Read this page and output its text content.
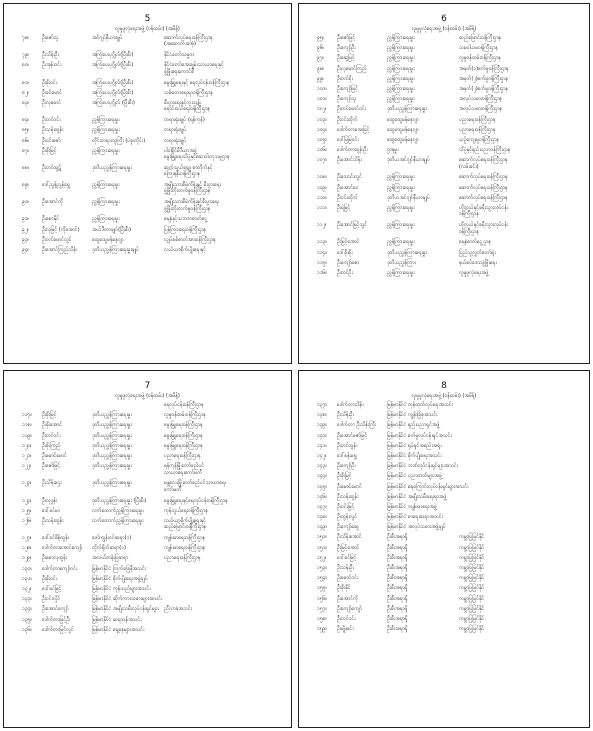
5
လူမှုဖူလုံရေးအဖွဲ့ (ဝန်ထမ်း) (အမိန့်)
၇၈။	ဦးဇော်သူ	အင်ဂျင်နီယာချုပ်	ဆောက်လုပ်ရေးဝန်ကြီးဌာန
(အဆောက်အအုံ)
၇၉။	ဦးသိန်းဦး	အကြံပေးပုဂ္ဂိုလ်(ပြီးစီး)	နိုင်ငံတော်သမ္မတ
၈၀။	ဦးအုန်းဝင်း	အကြံပေးပုဂ္ဂိုလ်(ပြီးစီး)	နိုင်ငံတော်အေးချမ်းသာယာရေးနှင့်
ဖွံ့ဖြိုးရေးကောင်စီ
၈၁။	ဦးစိုးဝင်း	အကြံပေးပုဂ္ဂိုလ်(ပြီးစီး)	မွေးမြူရေးနှင့် ရေလုပ်ငန်းဝန်ကြီးဌာန
၈၂။	ဦးခင်မောင်	အကြံပေးပုဂ္ဂိုလ်(ပြီးစီး)	သစ်တောရေးရာဝန်ကြီးဌာန
၈၃။	ဦးလှမောင်	အကြံပေးပုဂ္ဂိုလ် (ပြီးစီး)	စီးပွားရေးနှင့်ကူးသန်း
ရောင်းဝယ်ရေးဝန်ကြီးဌာန
၈၄။	ဦးတင်ဝင်း	ညွှန်ကြားရေးမှူး	တရားရုံးချုပ် (ရန်ကုန်)
၈၅။	ဦးသန်းထွန်း	ညွှန်ကြားရေးမှူး	တရားရုံးချုပ်
၈၆။	ဦးဝင်းဇော်	တိုင်းတရားသူကြီး (ပဲခူးတိုင်း)	တရားရုံးချုပ်
၈၇။	ဦးစိုးမြင့်	ညွှန်ကြားရေးမှူး	ပါဝါစိုင်မီဒီယာအဖွဲ့
မွေးမြူရေးသိပ္ပံနှင့်ဆေးဝါးကုသမှုဌာန
၈၈။	ဦးတင်ထွဋ်	ဒုတိယညွှန်ကြားရေးမှူး	ဆက်သွယ်ရေး၊ စာတိုက်နှင့်
ကြေးနန်းဝန်ကြီးဌာန
၈၉။	ဒေါ်ညွန့်ညွန့်ရွှေ	ညွှန်ကြားရေးမှူး	အမျိုးသားစီမံကိန်းနှင့် စီးပွားရေး
ဖွံ့ဖြိုးတိုးတက်မှုဝန်ကြီးဌာန
၉၀။	ဦးအောင်ကို	ညွှန်ကြားရေးမှူး	အမျိုးသားစီမံကိန်းနှင့်စီးပွားရေး
ဖွံ့ဖြိုးတိုးတက်မှုဝန်ကြီးဌာန
၉၁။	ဦးစောနိုင်	ညွှန်ကြားရေးမှူး	ရေနံနှင့်သဘာဝဓာတ်ငွေ့
၉၂။	ဦးလှမြင့် (ကိုအောင်)	အယ်ဒီတာချုပ်(ပြီးစီး)	ပြန်ကြားရေးဝန်ကြီးဌာန
၉၃။	ဦးတင်မောင်လွင်	ထွေထွေမန်နေဂျာ	လျှပ်စစ်ဓာတ်အားဝန်ကြီးဌာန
၉၄။	ဦးအောင်ကြည်သိန်း	ဒုတိယညွှန်ကြားရေးမှူးချုပ်	လယ်ယာစိုက်ပျိုးရေးနှင့်
6
လူမှုဖူလုံရေးအဖွဲ့ (ဝန်ထမ်း) (အမိန့်)
၉၅။	ဦးဇော်မြင့်	ညွှန်ကြားရေးမှူး	ဆည်မြောင်းဝန်ကြီးဌာန
၉၆။	ဦးကျော်ဦး	ညွှန်ကြားရေးမှူး	သမဝါယမဝန်ကြီးဌာန
၉၇။	ဦးဆွေမြင့်	ညွှန်ကြားရေးမှူး	လူမှုဝန်ထမ်းဝန်ကြီးဌာန
၉၈။	ဦးလှမောင်ကြည်	ညွှန်ကြားရေးမှူး	အမှတ်(၁)စက်မှုဝန်ကြီးဌာန
၉၉။	ဦးတင်စိုး	ညွှန်ကြားရေးမှူး	အမှတ်(၂)စက်မှုဝန်ကြီးဌာန
၁၀၀။	ဦးကျော်မြင့်	ညွှန်ကြားရေးမှူး	အမှတ်(၂)စက်မှုဝန်ကြီးဌာန
၁၀၁။	ဦးကျော်သူ	ညွှန်ကြားရေးမှူး	အလုပ်သမားဝန်ကြီးဌာန
၁၀၂။	ဦးတင်မောင်ဝင်း	ဒုတိယညွှန်ကြားရေးမှူး	အလုပ်သမားဝန်ကြီးဌာန
၁၀၃။	ဦးဝင်းထိုက်	ထွေထွေမန်နေဂျာ	ပညာရေးဝန်ကြီးဌာန
၁၀၄။	ဒေါက်တာအေးမြင့်	ထွေထွေမန်နေဂျာ	ပညာရေးဝန်ကြီးဌာန
၁၀၅။	ဒေါ်မြမြဝင်း	ထွေထွေမန်နေဂျာ	ယဉ်ကျေးမှုဝန်ကြီးဌာန
၁၀၆။	ဒေါက်တာထွန်းဦး	ဌာနမှူး	သိပ္ပံနှင့်နည်းပညာဝန်ကြီးဌာန
၁၀၇။	ဦးအောင်သိန်း	ဒုတိယအင်ဂျင်နီယာချုပ်	ဆောက်လုပ်ရေးဝန်ကြီးဌာန
(လမ်းခင်း)
၁၀၈။	ဦးသောင်းလွင်	ညွှန်ကြားရေးမှူး	ဆောက်လုပ်ရေးဝန်ကြီးဌာန
၁၀၉။	ဦးအောင်ဝေ	ညွှန်ကြားရေးမှူး	ဆောက်လုပ်ရေးဝန်ကြီးဌာန
၁၁၀။	ဦးဝင်းထိုက်	ဒုတိယအင်ဂျင်နီယာချုပ်	ဆောက်လုပ်ရေးဝန်ကြီးဌာန
၁၁၁။	ဦးရဲမြင့်	ညွှန်ကြားရေးမှူး	ဟိုတယ်နှင့်ခရီးသွားလုပ်ငန်း
ဝန်ကြီးဌာန
၁၁၂။	ဦးအောင်မြင့်သွင်	ညွှန်ကြားရေးမှူး	ဟိုတယ်နှင့်ခရီးသွားလုပ်ငန်း
ဝန်ကြီးဌာန
၁၁၃။	ဦးမြင့်အောင်	ညွှန်ကြားရေးမှူး	ရေနံဓာတ်ငွေ့ဌာန
၁၁၄။	ဒေါ်စိုးစိုး	ဒုတိယညွှန်ကြားရေးမှူး	ပြည်သူ့လွှတ်တော်ရုံး
၁၁၅။	ဦးကျော်ဇော	ဒုတိယညွှန်ကြား	နယ်စပ်ဒေသဖွံ့ဖြိုးရေး
၁၁၆။	ဦးတင်ဦး	ညွှန်ကြားရေးမှူး	လူမှုဖူလုံရေးအဖွဲ့
7
လူမှုဖူလုံရေးအဖွဲ့ (ဝန်ထမ်း) (အမိန့်)
ရေလုပ်ငန်းဝန်ကြီးဌာန
၁၁၇။	ဦးစိုးမြင့်	ဒုတိယညွှန်ကြားရေးမှူး	လူမှုဝန်ထမ်းဝန်ကြီးဌာန
၁၁၈။	ဦးစိုးအောင်	ဒုတိယညွှန်ကြားရေးမှူး	မွေးမြူရေးဝန်ကြီးဌာန
၁၁၉။	ဦးတင်ဝင်း	ဒုတိယညွှန်ကြားရေးမှူး	မွေးမြူရေးဝန်ကြီးဌာန
၁၂၀။	ဦးစိုးကြည်	ဒုတိယညွှန်ကြားရေးမှူး	မွေးမြူရေးဝန်ကြီးဌာန
၁၂၁။	ဦးမောင်မောင်	ဒုတိယညွှန်ကြားရေးမှူး	ပညာရေးဝန်ကြီးဌာန
၁၂၂။	ဦးဇော်မြင့်	ဒုတိယညွှန်ကြားရေးမှူး	ရန်ကုန်မြို့တော်စည်ပင်
သာယာရေးကော်မတီ
၁၂၃။	ဦးသိန်းဌေး	ဒုတိယညွှန်ကြားရေးမှူး	မန္တလေးမြို့တော်စည်ပင်သာယာရေး
ကော်မတီ
၁၂၄။	ဦးလှဒွန်း	ဒုတိယညွှန်ကြားရေးမှူး (ပြီးစီး)	မွေးမြူရေးနှင့်ရေလုပ်ငန်းဝန်ကြီးဌာန
၁၂၅။	ဒေါ်ခင်မာ	လက်ထောက်ညွှန်ကြားရေးမှူး	ကုန်သွယ်ရေးဝန်ကြီးဌာန
၁၂၆။	ဦးသန်းထွန်း	လက်ထောက်ညွှန်ကြားရေးမှူး	လယ်ယာစိုက်ပျိုးရေးနှင့်
ဆည်မြောင်းဝန်ကြီးဌာန
၁၂၇။	ဒေါ်ခင်စိန်ထွန်း	ဖော်ကျွန်းဝင်ဆရာ(၁)	ကျန်းမာရေးဝန်ကြီးဌာန
၁၂၈။	ဒေါက်တာအောင်ကျော်	တိုက်ရိုက်ဆရာ(၁)	ကျန်းမာရေးဝန်ကြီးဌာန
၁၂၉။	ဦးစောလှထွန်း	အလယ်တန်းပြဆရာ	ပညာရေးဝန်ကြီးဌာန
၁၃၀။	ဒေါက်တာကျော်ဝင်း	မြန်မာနိုင်ငံ ကြက်ခြေနီအသင်း
၁၃၁။	ဦးစိုးဝင်း	မြန်မာနိုင်ငံ စိုက်ပျိုးရေးအဖွဲ့ချုပ်
၁၃၂။	ဒေါ်ခင်မြင့်	မြန်မာနိုင်ငံ ကုန်သည်များအသင်း
၁၃၃။	ဦးဝင်းလှိုင်	မြန်မာနိုင်ငံ ဆိုက်ကားသမားများအသင်း
၁၃၄။	ဦးအောင်ကျော်	မြန်မာနိုင်ငံ အမျိုးသမီးလုပ်ငန်းရှင်များ	ညီလာခံအသင်း
၁၃၅။	ဒေါက်တာမြင့်ဦး	မြန်မာနိုင်ငံ ဆရာဝန်အသင်း
၁၃၆။	ဒေါက်တာမြင့်လွင်	မြန်မာနိုင်ငံ ရှေ့နေများအသင်း
8
လူမှုဖူလုံရေးအဖွဲ့ (ဝန်ထမ်း) (အမိန့်)
၁၃၇။	ဒေါက်တာသိန်း	မြန်မာနိုင်ငံ ကုန်ထုတ်လုပ်ရေးအသင်း
၁၃၈။	ဦးသိန်းဦး	မြန်မာနိုင်ငံ ကျွန်းခြံစုအသင်း
၁၃၉။	ဒေါက်တာ ဦးသိန်းကြီး	မြန်မာနိုင်ငံ နည်းပညာရှင်အဖွဲ့
၁၄၀။	ဦးအောင်ဇော်မြင့်	မြန်မာနိုင်ငံ စက်မှုလုပ်ငန်းရှင်အသင်း
၁၄၁။	ဦးတင်ထွန်း	မြန်မာနိုင်ငံ ရုပ်ရှင်အစည်းအရုံး
၁၄၂။	ဒေါ်စန်းရွှေ	မြန်မာနိုင်ငံ စိုက်ပျိုးရေးအသင်း
၁၄၃။	ဦးကျော်ဦး	မြန်မာနိုင်ငံ ဘဏ်လုပ်ငန်းရှင်များအသင်း
၁၄၄။	ဦးစိုးမြင့်	မြန်မာနိုင်ငံ ပညာတတ်များအဖွဲ့
၁၄၅။	ဦးမောင်မောင်	မြန်မာနိုင်ငံ ရေကြောင်းလုပ်ငန်းရှင်များအသင်း
၁၄၆။	ဦးသန်းထွန်း	မြန်မာနိုင်ငံ အမျိုးသမီးရေးရာအဖွဲ့
၁၄၇။	ဦးဝင်းမြင့်	မြန်မာနိုင်ငံ ကျန်းမာရေးအဖွဲ့
၁၄၈။	ဦးထွန်းလွင်	မြန်မာနိုင်ငံ စာရေးဆရာအသင်း
၁၄၉။	ဦးကျော်ဆွေ	မြန်မာနိုင်ငံ အလုပ်သမားအဖွဲ့ချုပ်
၁၅၀။	ဦးသိန်းအောင်	ဦးစီးအရာရှိ	ကမ္ဘာပြမြင်နိုင်
၁၅၁။	ဦးမြင့်အောင်	ဦးစီးအရာရှိ	ကမ္ဘာပြမြင်နိုင်
၁၅၂။	ဒေါ်ခင်မြင့်	ဦးစီးအရာရှိ	ကမ္ဘာပြမြင်နိုင်
၁၅၃။	ဦးသန်းဦး	ဦးစီးအရာရှိ	ကမ္ဘာပြမြင်နိုင်
၁၅၄။	ဦးမောင်ဝင်း	ဦးစီးအရာရှိ	ကမ္ဘာပြမြင်နိုင်
၁၅၅။	ဦးစိုးနိုင်	ဦးစီးအရာရှိ	ကမ္ဘာပြမြင်နိုင်
၁၅၆။	ဦးအောင်ကို	ဦးစီးအရာရှိ	ကမ္ဘာပြမြင်နိုင်
၁၅၇။	ဦးကျော်ကျော်	ဦးစီးအရာရှိ	ကမ္ဘာပြမြင်နိုင်
၁၅၈။	ဦးတင်ဝင်း	ဦးစီးအရာရှိ	ကမ္ဘာပြမြင်နိုင်
၁၅၉။	ဦးမျိုးမင်း	ဦးစီးအရာရှိ	ကမ္ဘာပြမြင်နိုင်
